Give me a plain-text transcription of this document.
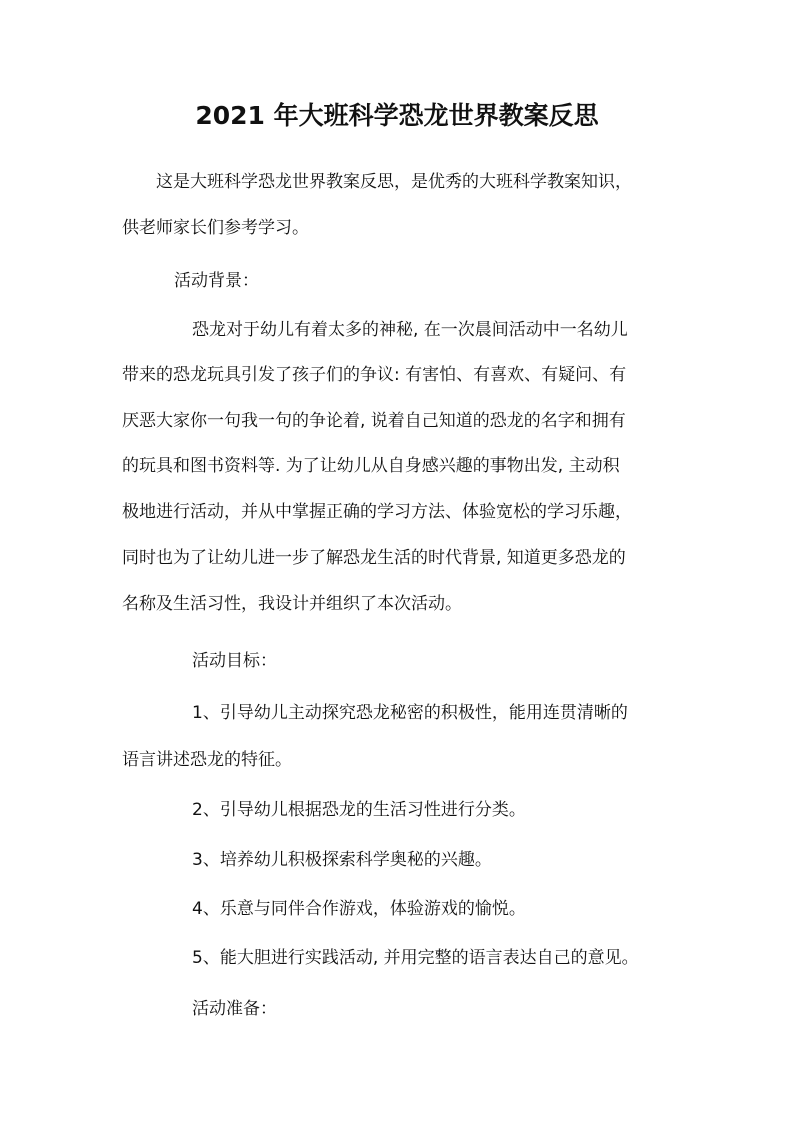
2021 年大班科学恐龙世界教案反思
这是大班科学恐龙世界教案反思，是优秀的大班科学教案知识，
供老师家长们参考学习。
活动背景：
恐龙对于幼儿有着太多的神秘, 在一次晨间活动中一名幼儿
带来的恐龙玩具引发了孩子们的争议: 有害怕、有喜欢、有疑问、有
厌恶大家你一句我一句的争论着, 说着自己知道的恐龙的名字和拥有
的玩具和图书资料等. 为了让幼儿从自身感兴趣的事物出发, 主动积
极地进行活动，并从中掌握正确的学习方法、体验宽松的学习乐趣，
同时也为了让幼儿进一步了解恐龙生活的时代背景, 知道更多恐龙的
名称及生活习性，我设计并组织了本次活动。
活动目标：
1、引导幼儿主动探究恐龙秘密的积极性，能用连贯清晰的
语言讲述恐龙的特征。
2、引导幼儿根据恐龙的生活习性进行分类。
3、培养幼儿积极探索科学奥秘的兴趣。
4、乐意与同伴合作游戏，体验游戏的愉悦。
5、能大胆进行实践活动, 并用完整的语言表达自己的意见。
活动准备：
